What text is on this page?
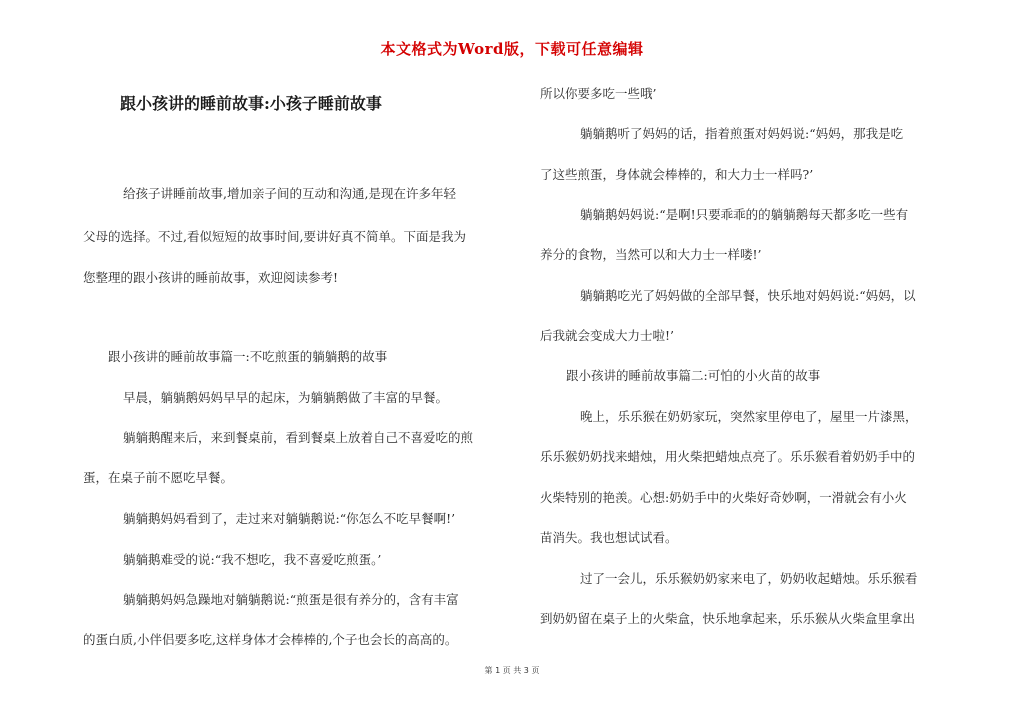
本文格式为Word版，下载可任意编辑
跟小孩讲的睡前故事:小孩子睡前故事
给孩子讲睡前故事,增加亲子间的互动和沟通,是现在许多年轻
父母的选择。不过,看似短短的故事时间,要讲好真不简单。下面是我为
您整理的跟小孩讲的睡前故事，欢迎阅读参考!
跟小孩讲的睡前故事篇一:不吃煎蛋的躺躺鹅的故事
早晨，躺躺鹅妈妈早早的起床，为躺躺鹅做了丰富的早餐。
躺躺鹅醒来后，来到餐桌前，看到餐桌上放着自己不喜爱吃的煎
蛋，在桌子前不愿吃早餐。
躺躺鹅妈妈看到了，走过来对躺躺鹅说:“你怎么不吃早餐啊!’
躺躺鹅难受的说:“我不想吃，我不喜爱吃煎蛋。’
躺躺鹅妈妈急躁地对躺躺鹅说:“煎蛋是很有养分的，含有丰富
的蛋白质,小伴侣要多吃,这样身体才会棒棒的,个子也会长的高高的。
所以你要多吃一些哦’
躺躺鹅听了妈妈的话，指着煎蛋对妈妈说:“妈妈，那我是吃
了这些煎蛋，身体就会棒棒的，和大力士一样吗?’
躺躺鹅妈妈说:“是啊!只要乖乖的的躺躺鹅每天都多吃一些有
养分的食物，当然可以和大力士一样喽!’
躺躺鹅吃光了妈妈做的全部早餐，快乐地对妈妈说:“妈妈，以
后我就会变成大力士啦!’
跟小孩讲的睡前故事篇二:可怕的小火苗的故事
晚上，乐乐猴在奶奶家玩，突然家里停电了，屋里一片漆黑，
乐乐猴奶奶找来蜡烛，用火柴把蜡烛点亮了。乐乐猴看着奶奶手中的
火柴特别的艳羡。心想:奶奶手中的火柴好奇妙啊，一滑就会有小火
苗消失。我也想试试看。
过了一会儿，乐乐猴奶奶家来电了，奶奶收起蜡烛。乐乐猴看
到奶奶留在桌子上的火柴盒，快乐地拿起来，乐乐猴从火柴盒里拿出
第 1 页 共 3 页
